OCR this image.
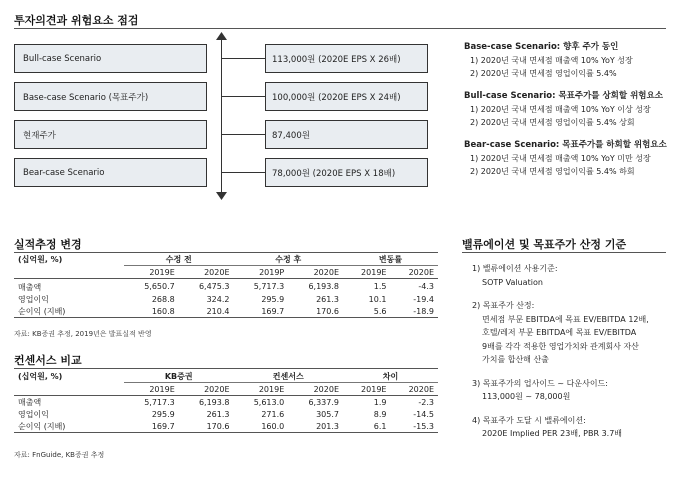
투자의견과 위험요소 점검
Bull-case Scenario
Base-case Scenario (목표주가)
현재주가
Bear-case Scenario
113,000원 (2020E EPS X 26배)
100,000원 (2020E EPS X 24배)
87,400원
78,000원 (2020E EPS X 18배)
Base-case Scenario: 향후 주가 동인
1) 2020년 국내 면세점 매출액 10% YoY 성장
2) 2020년 국내 면세점 영업이익률 5.4%
Bull-case Scenario: 목표주가를 상회할 위험요소
1) 2020년 국내 면세점 매출액 10% YoY 이상 성장
2) 2020년 국내 면세점 영업이익률 5.4% 상회
Bear-case Scenario: 목표주가를 하회할 위험요소
1) 2020년 국내 면세점 매출액 10% YoY 미만 성장
2) 2020년 국내 면세점 영업이익률 5.4% 하회
실적추정 변경
(십억원, %)	수정 전		수정 후		변동률	
	2019E	2020E	2019P	2020E	2019E	2020E
매출액	5,650.7	6,475.3	5,717.3	6,193.8	1.5	-4.3
영업이익	268.8	324.2	295.9	261.3	10.1	-19.4
순이익 (지배)	160.8	210.4	169.7	170.6	5.6	-18.9
자료: KB증권 추정, 2019년은 발표실적 반영
컨센서스 비교
(십억원, %)	KB증권		컨센서스		차이	
	2019E	2020E	2019E	2020E	2019E	2020E
매출액	5,717.3	6,193.8	5,613.0	6,337.9	1.9	-2.3
영업이익	295.9	261.3	271.6	305.7	8.9	-14.5
순이익 (지배)	169.7	170.6	160.0	201.3	6.1	-15.3
자료: FnGuide, KB증권 추정
밸류에이션 및 목표주가 산정 기준
1) 밸류에이션 사용기준:
SOTP Valuation
2) 목표주가 산정:
면세점 부문 EBITDA에 목표 EV/EBITDA 12배,
호텔/레저 부문 EBITDA에 목표 EV/EBITDA
9배를 각각 적용한 영업가치와 관계회사 자산
가치를 합산해 산출
3) 목표주가의 업사이드 ~ 다운사이드:
113,000원 ~ 78,000원
4) 목표주가 도달 시 밸류에이션:
2020E Implied PER 23배, PBR 3.7배
